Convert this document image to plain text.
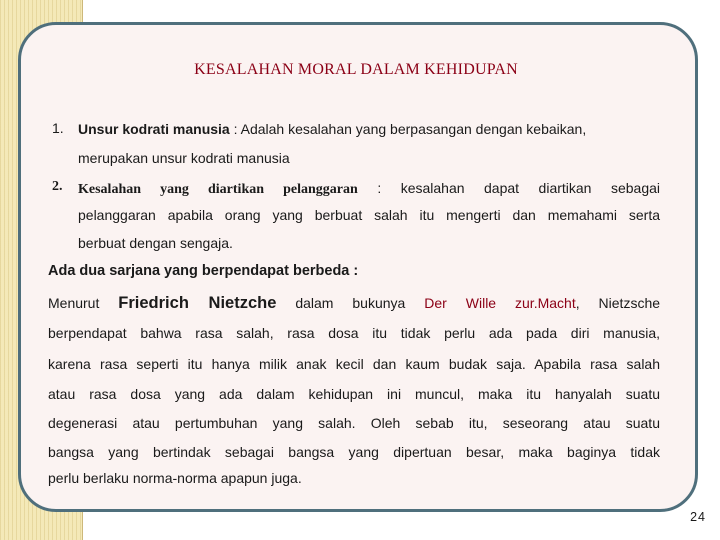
KESALAHAN MORAL DALAM KEHIDUPAN
1. Unsur kodrati manusia : Adalah kesalahan yang berpasangan dengan kebaikan,
merupakan unsur kodrati manusia
2. Kesalahan yang diartikan pelanggaran : kesalahan dapat diartikan sebagai
pelanggaran apabila orang yang berbuat salah itu mengerti dan memahami serta
berbuat dengan sengaja.
Ada dua sarjana yang berpendapat berbeda :
Menurut Friedrich Nietzche dalam bukunya Der Wille zur.Macht, Nietzsche
berpendapat bahwa rasa salah, rasa dosa itu tidak perlu ada pada diri manusia,
karena rasa seperti itu hanya milik anak kecil dan kaum budak saja. Apabila rasa salah
atau rasa dosa yang ada dalam kehidupan ini muncul, maka itu hanyalah suatu
degenerasi atau pertumbuhan yang salah. Oleh sebab itu, seseorang atau suatu
bangsa yang bertindak sebagai bangsa yang dipertuan besar, maka baginya tidak
perlu berlaku norma-norma apapun juga.
24
